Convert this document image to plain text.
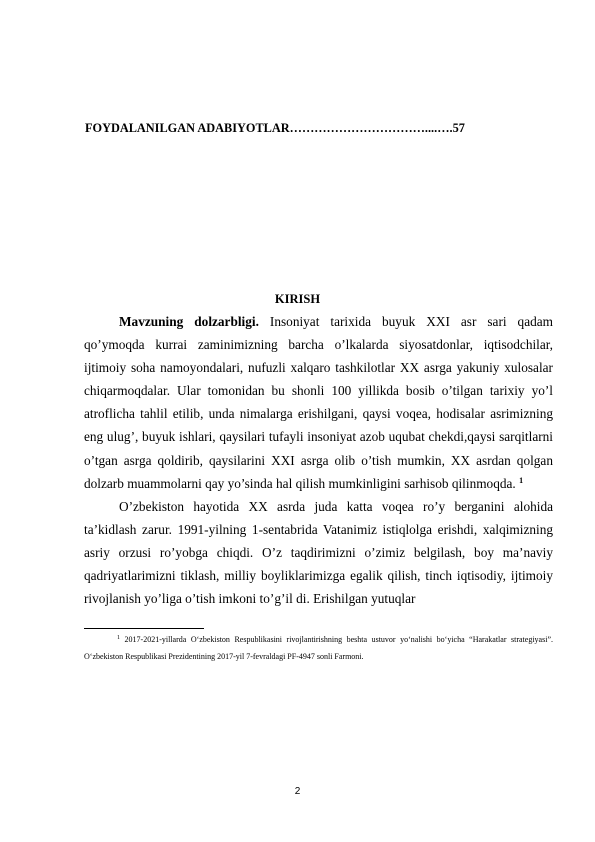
FOYDALANILGAN ADABIYOTLAR……………………………....….57
KIRISH

Mavzuning dolzarbligi. Insoniyat tarixida buyuk XXI asr sari qadam qo’ymoqda kurrai zaminimizning barcha o’lkalarda siyosatdonlar, iqtisodchilar, ijtimoiy soha namoyondalari, nufuzli xalqaro tashkilotlar XX asrga yakuniy xulosalar chiqarmoqdalar. Ular tomonidan bu shonli 100 yillikda bosib o’tilgan tarixiy yo’l atroflicha tahlil etilib, unda nimalarga erishilgani, qaysi voqea, hodisalar asrimizning eng ulug’, buyuk ishlari, qaysilari tufayli insoniyat azob uqubat chekdi,qaysi sarqitlarni o’tgan asrga qoldirib, qaysilarini XXI asrga olib o’tish mumkin, XX asrdan qolgan dolzarb muammolarni qay yo’sinda hal qilish mumkinligini sarhisob qilinmoqda. $^1$

O’zbekiston hayotida XX asrda juda katta voqea ro’y berganini alohida ta’kidlash zarur. 1991-yilning 1-sentabrida Vatanimiz istiqlolga erishdi, xalqimizning asriy orzusi ro’yobga chiqdi. O’z taqdirimizni o’zimiz belgilash, boy ma’naviy qadriyatlarimizni tiklash, milliy boyliklarimizga egalik qilish, tinch iqtisodiy, ijtimoiy rivojlanish yo’liga o’tish imkoni to’g’il di. Erishilgan yutuqlar

$^1$ 2017-2021-yillarda O‘zbekiston Respublikasini rivojlantirishning beshta ustuvor yo‘nalishi bo‘yicha “Harakatlar strategiyasi”. O‘zbekiston Respublikasi Prezidentining 2017-yil 7-fevraldagi PF-4947 sonli Farmoni.

2
